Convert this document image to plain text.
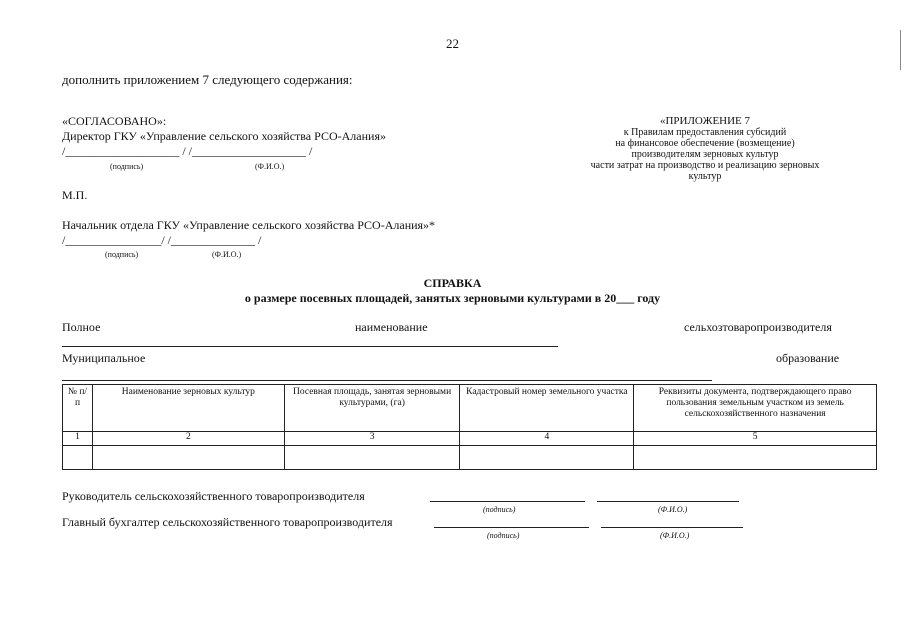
22
дополнить приложением 7 следующего содержания:
«СОГЛАСОВАНО»:
Директор ГКУ «Управление сельского хозяйства РСО-Алания»
/___________________ / /___________________ /
(подпись)	(Ф.И.О.)
М.П.
«ПРИЛОЖЕНИЕ 7
к Правилам предоставления субсидий
на финансовое обеспечение (возмещение)
производителям зерновых культур
части затрат на производство и реализацию зерновых
культур
Начальник отдела ГКУ «Управление сельского хозяйства РСО-Алания»*
/________________/ /______________ /
(подпись)	(Ф.И.О.)
СПРАВКА
о размере посевных площадей, занятых зерновыми культурами в 20___ году
Полное	наименование	сельхозтоваропроизводителя
Муниципальное	образование
№ п/п	Наименование зерновых культур	Посевная площадь, занятая зерновыми культурами, (га)	Кадастровый номер земельного участка	Реквизиты документа, подтверждающего право пользования земельным участком из земель сельскохозяйственного назначения
1	2	3	4	5

Руководитель сельскохозяйственного товаропроизводителя
(подпись)	(Ф.И.О.)
Главный бухгалтер сельскохозяйственного товаропроизводителя
(подпись)	(Ф.И.О.)
